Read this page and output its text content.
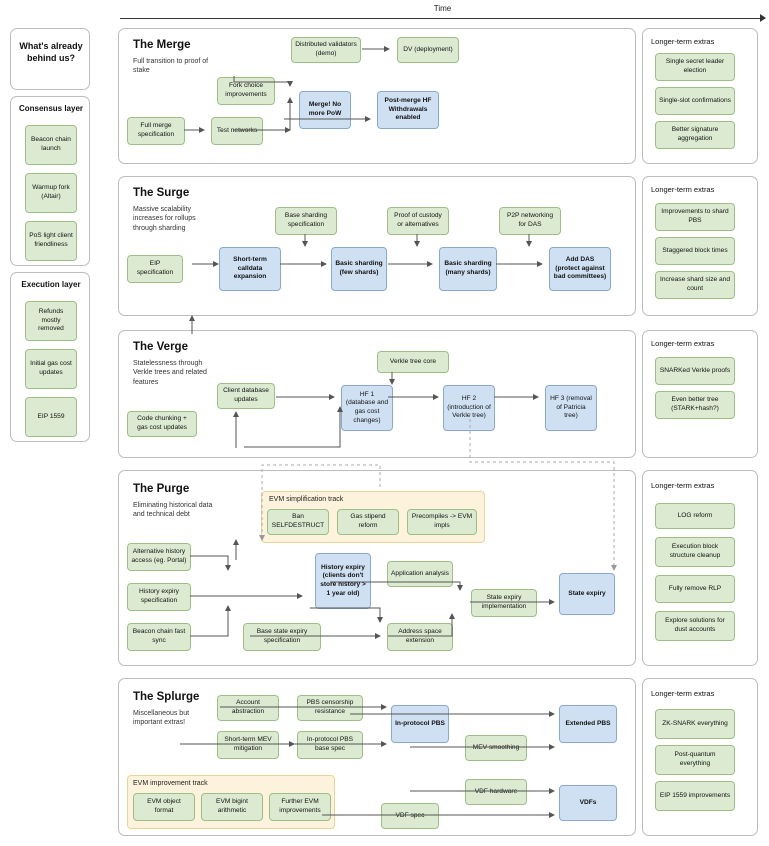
Time
What's already behind us?
Consensus layer
Beacon chain launch
Warmup fork (Altair)
PoS light client friendliness
Execution layer
Refunds mostly removed
Initial gas cost updates
EIP 1559
The Merge
Full transition to proof of stake
Distributed validators (demo)
DV (deployment)
Fork choice improvements
Merge! No more PoW
Post-merge HF Withdrawals enabled
Full merge specification
Test networks
Longer-term extras
Single secret leader election
Single-slot confirmations
Better signature aggregation
The Surge
Massive scalability increases for rollups through sharding
Base sharding specification
Proof of custody or alternatives
P2P networking for DAS
EIP specification
Short-term calldata expansion
Basic sharding (few shards)
Basic sharding (many shards)
Add DAS (protect against bad committees)
Longer-term extras
Improvements to shard PBS
Staggered block times
Increase shard size and count
The Verge
Statelessness through Verkle trees and related features
Verkle tree core
Client database updates
Code chunking + gas cost updates
HF 1 (database and gas cost changes)
HF 2 (introduction of Verkle tree)
HF 3 (removal of Patricia tree)
Longer-term extras
SNARKed Verkle proofs
Even better tree (STARK+hash?)
The Purge
Eliminating historical data and technical debt
EVM simplification track
Ban SELFDESTRUCT
Gas stipend reform
Precompiles -> EVM impls
Alternative history access (eg. Portal)
History expiry specification
Beacon chain fast sync
Base state expiry specification
History expiry (clients don't store history > 1 year old)
Application analysis
Address space extension
State expiry implementation
State expiry
Longer-term extras
LOG reform
Execution block structure cleanup
Fully remove RLP
Explore solutions for dust accounts
The Splurge
Miscellaneous but important extras!
Account abstraction
PBS censorship resistance
Short-term MEV mitigation
In-protocol PBS base spec
In-protocol PBS
MEV smoothing
Extended PBS
VDF hardware
VDF spec
VDFs
EVM improvement track
EVM object format
EVM bigint arithmetic
Further EVM improvements
Longer-term extras
ZK-SNARK everything
Post-quantum everything
EIP 1559 improvements
